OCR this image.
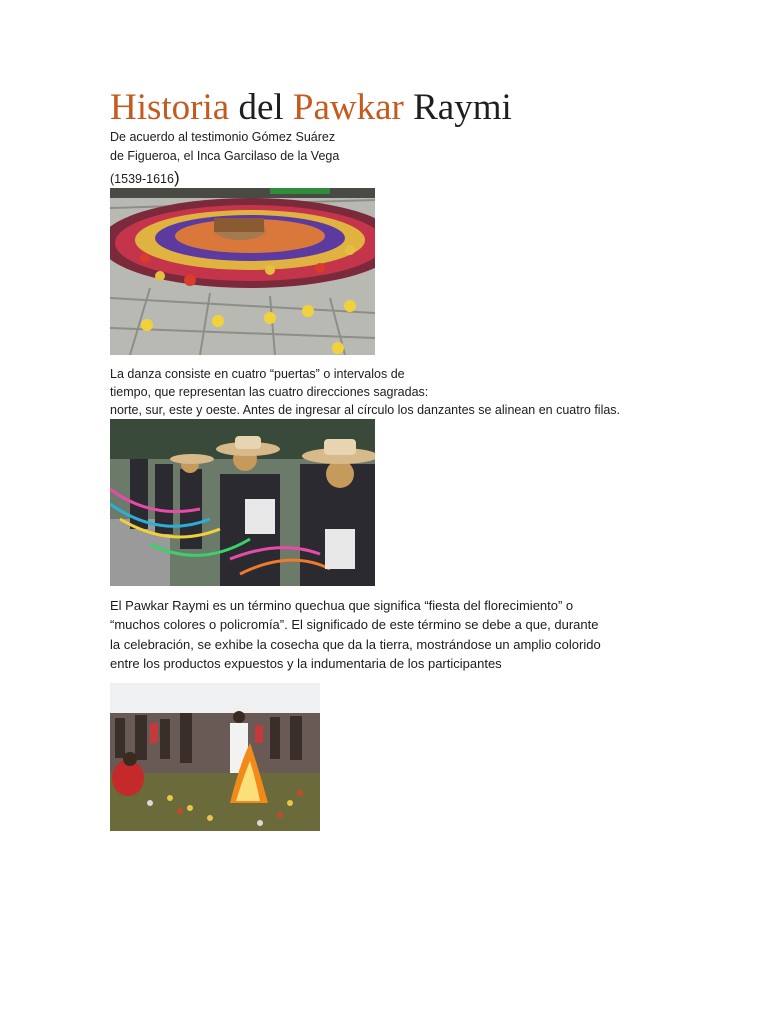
Historia del Pawkar Raymi
De acuerdo al testimonio Gómez Suárez
de Figueroa, el Inca Garcilaso de la Vega
(1539-1616)
La danza consiste en cuatro “puertas” o intervalos de
tiempo, que representan las cuatro direcciones sagradas:
norte, sur, este y oeste. Antes de ingresar al círculo los danzantes se alinean en cuatro filas.
El Pawkar Raymi es un término quechua que significa “fiesta del florecimiento” o
“muchos colores o policromía”. El significado de este término se debe a que, durante
la celebración, se exhibe la cosecha que da la tierra, mostrándose un amplio colorido
entre los productos expuestos y la indumentaria de los participantes
